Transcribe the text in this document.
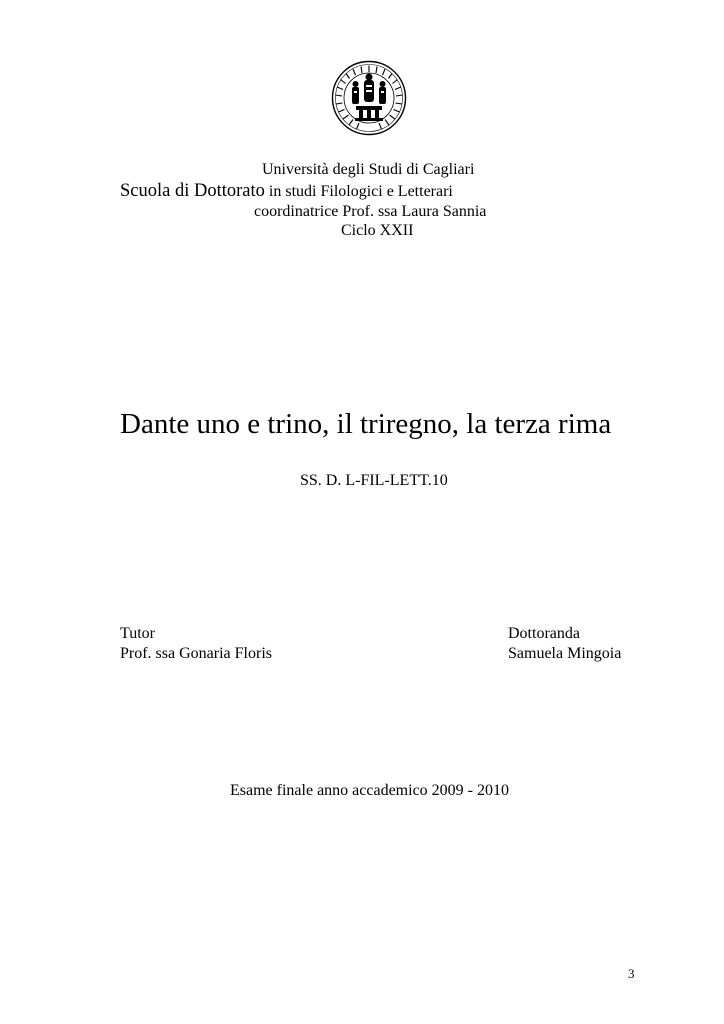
Università degli Studi di Cagliari
Scuola di Dottorato in studi Filologici e Letterari
coordinatrice Prof. ssa Laura Sannia
Ciclo XXII
Dante uno e trino, il triregno, la terza rima
SS. D. L-FIL-LETT.10
Tutor
Prof. ssa Gonaria Floris
Dottoranda
Samuela Mingoia
Esame finale anno accademico 2009 - 2010
3
